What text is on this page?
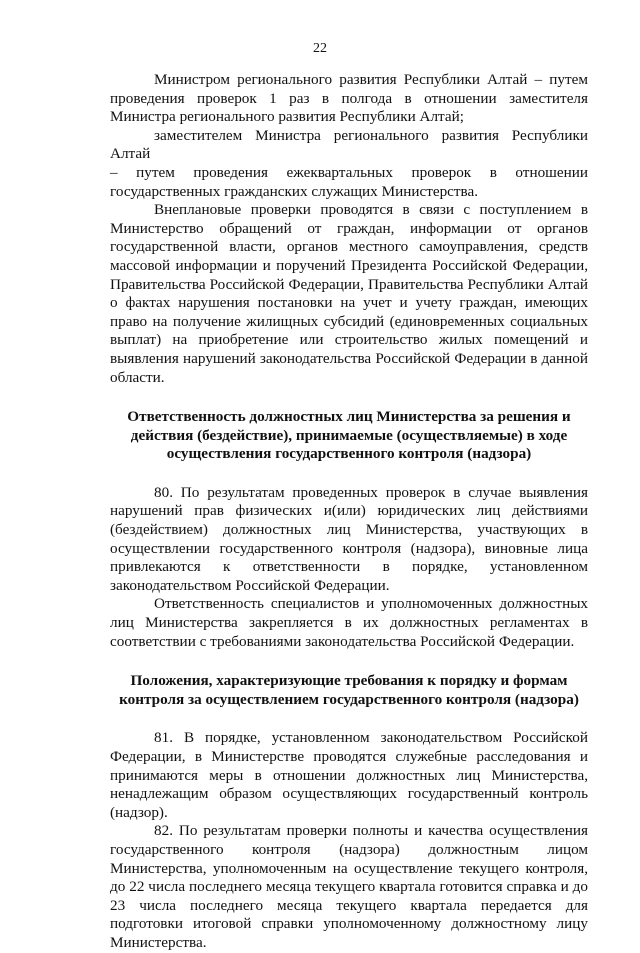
22

Министром регионального развития Республики Алтай – путем проведения проверок 1 раз в полгода в отношении заместителя Министра регионального развития Республики Алтай;

заместителем Министра регионального развития Республики Алтай

– путем проведения ежеквартальных проверок в отношении государственных гражданских служащих Министерства.

Внеплановые проверки проводятся в связи с поступлением в Министерство обращений от граждан, информации от органов государственной власти, органов местного самоуправления, средств массовой информации и поручений Президента Российской Федерации, Правительства Российской Федерации, Правительства Республики Алтай о фактах нарушения постановки на учет и учету граждан, имеющих право на получение жилищных субсидий (единовременных социальных выплат) на приобретение или строительство жилых помещений и выявления нарушений законодательства Российской Федерации в данной области.

Ответственность должностных лиц Министерства за решения и действия (бездействие), принимаемые (осуществляемые) в ходе осуществления государственного контроля (надзора)

80. По результатам проведенных проверок в случае выявления нарушений прав физических и(или) юридических лиц действиями (бездействием) должностных лиц Министерства, участвующих в осуществлении государственного контроля (надзора), виновные лица привлекаются к ответственности в порядке, установленном законодательством Российской Федерации.

Ответственность специалистов и уполномоченных должностных лиц Министерства закрепляется в их должностных регламентах в соответствии с требованиями законодательства Российской Федерации.

Положения, характеризующие требования к порядку и формам контроля за осуществлением государственного контроля (надзора)

81. В порядке, установленном законодательством Российской Федерации, в Министерстве проводятся служебные расследования и принимаются меры в отношении должностных лиц Министерства, ненадлежащим образом осуществляющих государственный контроль (надзор).

82. По результатам проверки полноты и качества осуществления государственного контроля (надзора) должностным лицом Министерства, уполномоченным на осуществление текущего контроля, до 22 числа последнего месяца текущего квартала готовится справка и до 23 числа последнего месяца текущего квартала передается для подготовки итоговой справки уполномоченному должностному лицу Министерства.
